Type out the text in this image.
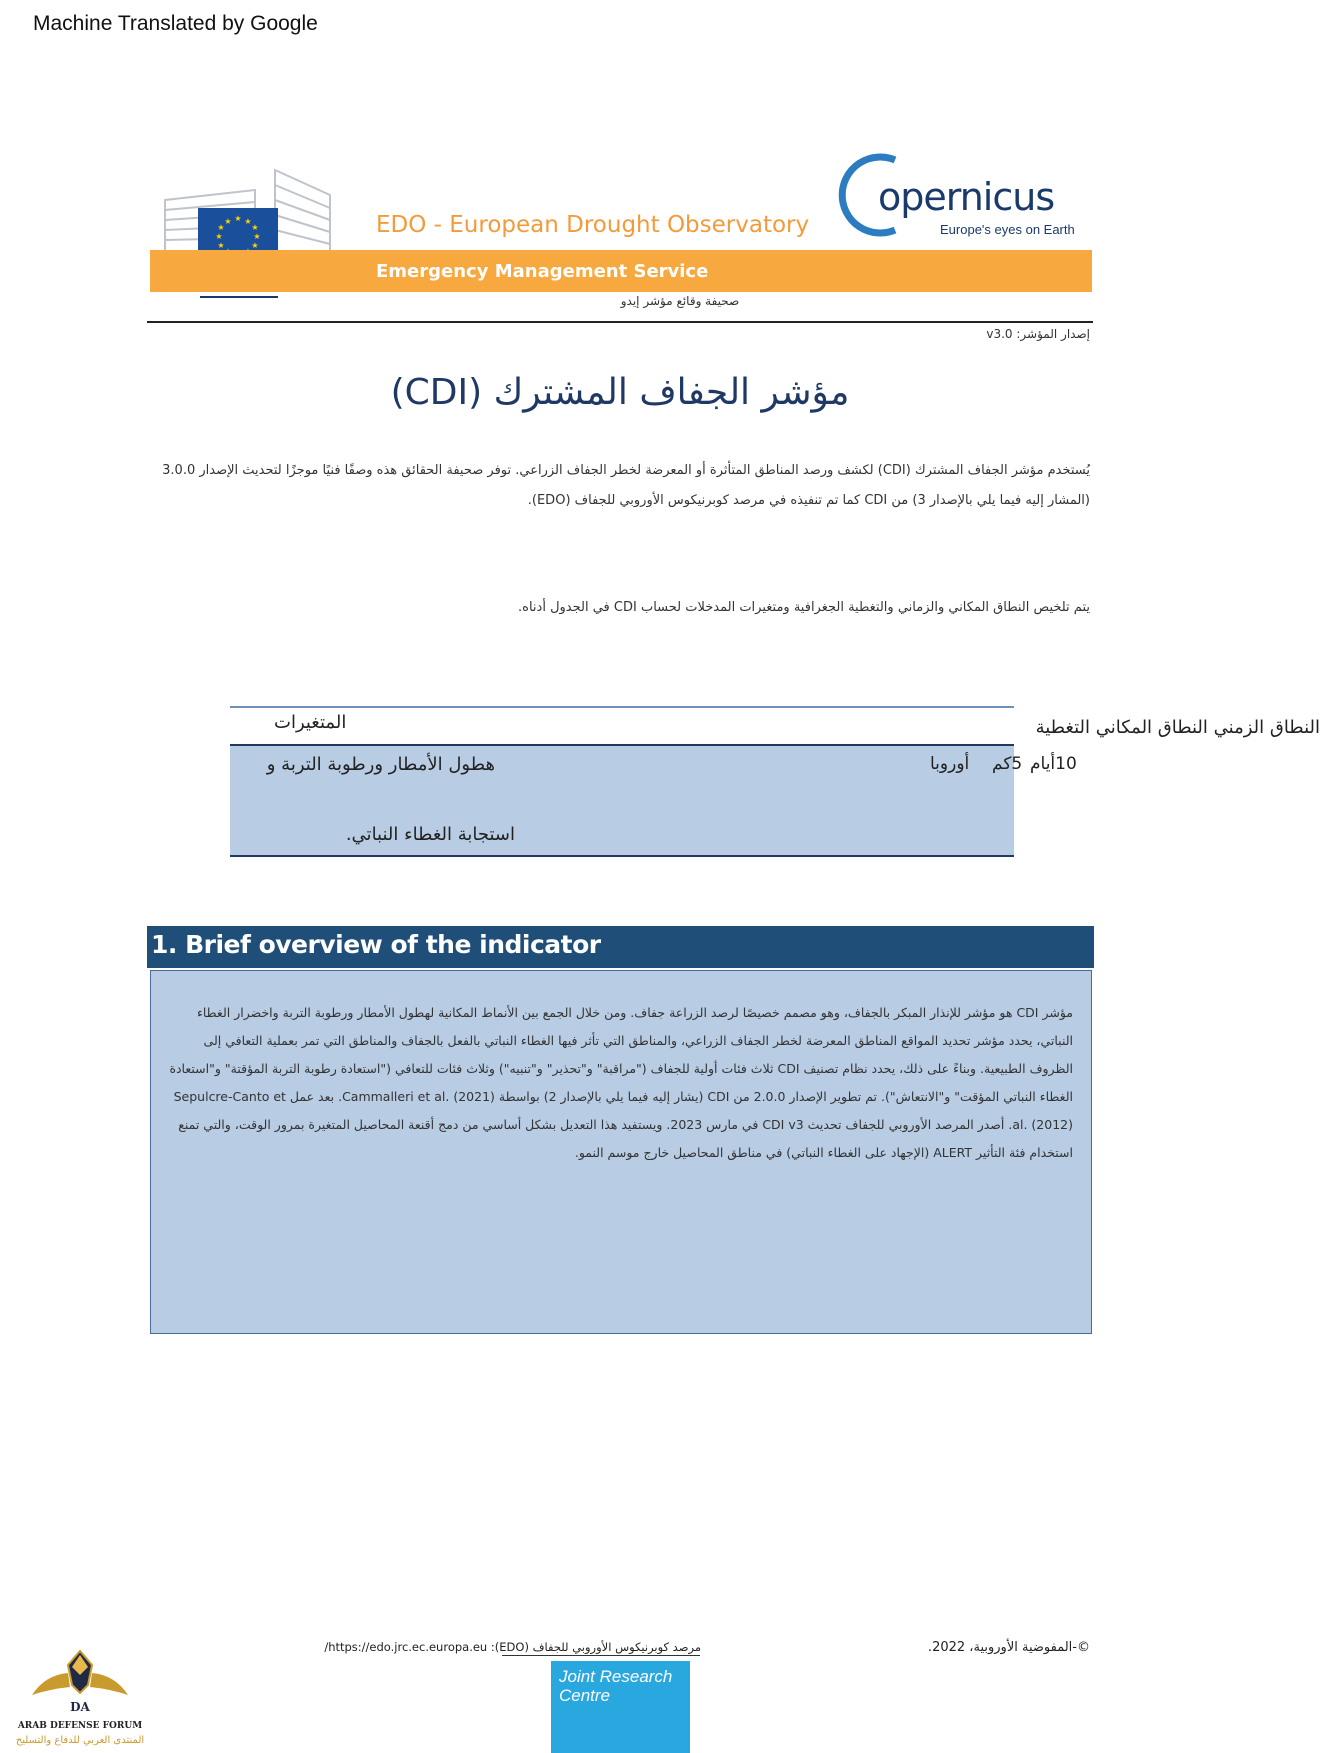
Machine Translated by Google
★ ★
★
★
★
★
★
★
★	EDO - European Drought Observatory
Emergency Management Service
opernicus
Europe's eyes on Earth
صحيفة وقائع مؤشر إيدو
إصدار المؤشر: v3.0
مؤشر الجفاف المشترك (CDI)
يُستخدم مؤشر الجفاف المشترك (CDI) لكشف ورصد المناطق المتأثرة أو المعرضة لخطر الجفاف الزراعي. توفر صحيفة الحقائق هذه وصفًا فنيًا موجزًا لتحديث الإصدار 3.0.0 (المشار إليه فيما يلي بالإصدار 3) من CDI كما تم تنفيذه في مرصد كوبرنيكوس الأوروبي للجفاف (EDO).
يتم تلخيص النطاق المكاني والزماني والتغطية الجغرافية ومتغيرات المدخلات لحساب CDI في الجدول أدناه.
المتغيرات	النطاق الزمني النطاق المكاني التغطية
هطول الأمطار ورطوبة التربة و
استجابة الغطاء النباتي.
أوروبا 5كم 10أيام
1. Brief overview of the indicator
مؤشر CDI هو مؤشر للإنذار المبكر بالجفاف، وهو مصمم خصيصًا لرصد الزراعة جفاف. ومن خلال الجمع بين الأنماط المكانية لهطول الأمطار ورطوبة التربة واخضرار الغطاء النباتي، يحدد مؤشر تحديد المواقع المناطق المعرضة لخطر الجفاف الزراعي، والمناطق التي تأثر فيها الغطاء النباتي بالفعل بالجفاف والمناطق التي تمر بعملية التعافي إلى الظروف الطبيعية. وبناءً على ذلك، يحدد نظام تصنيف CDI ثلاث فئات أولية للجفاف ("مراقبة" و"تحذير" و"تنبيه") وثلاث فئات للتعافي ("استعادة رطوبة التربة المؤقتة" و"استعادة الغطاء النباتي المؤقت" و"الانتعاش"). تم تطوير الإصدار 2.0.0 من CDI (يشار إليه فيما يلي بالإصدار 2) بواسطة Cammalleri et al. (2021). بعد عمل Sepulcre-Canto et al. (2012). أصدر المرصد الأوروبي للجفاف تحديث CDI v3 في مارس 2023. ويستفيد هذا التعديل بشكل أساسي من دمج أقنعة المحاصيل المتغيرة بمرور الوقت، والتي تمنع استخدام فئة التأثير ALERT (الإجهاد على الغطاء النباتي) في مناطق المحاصيل خارج موسم النمو.
©-المفوضية الأوروبية، 2022.
مرصد كوبرنيكوس الأوروبي للجفاف (EDO): https://edo.jrc.ec.europa.eu/
Joint Research Centre
DA
ARAB DEFENSE FORUM
المنتدى العربي للدفاع والتسليح
